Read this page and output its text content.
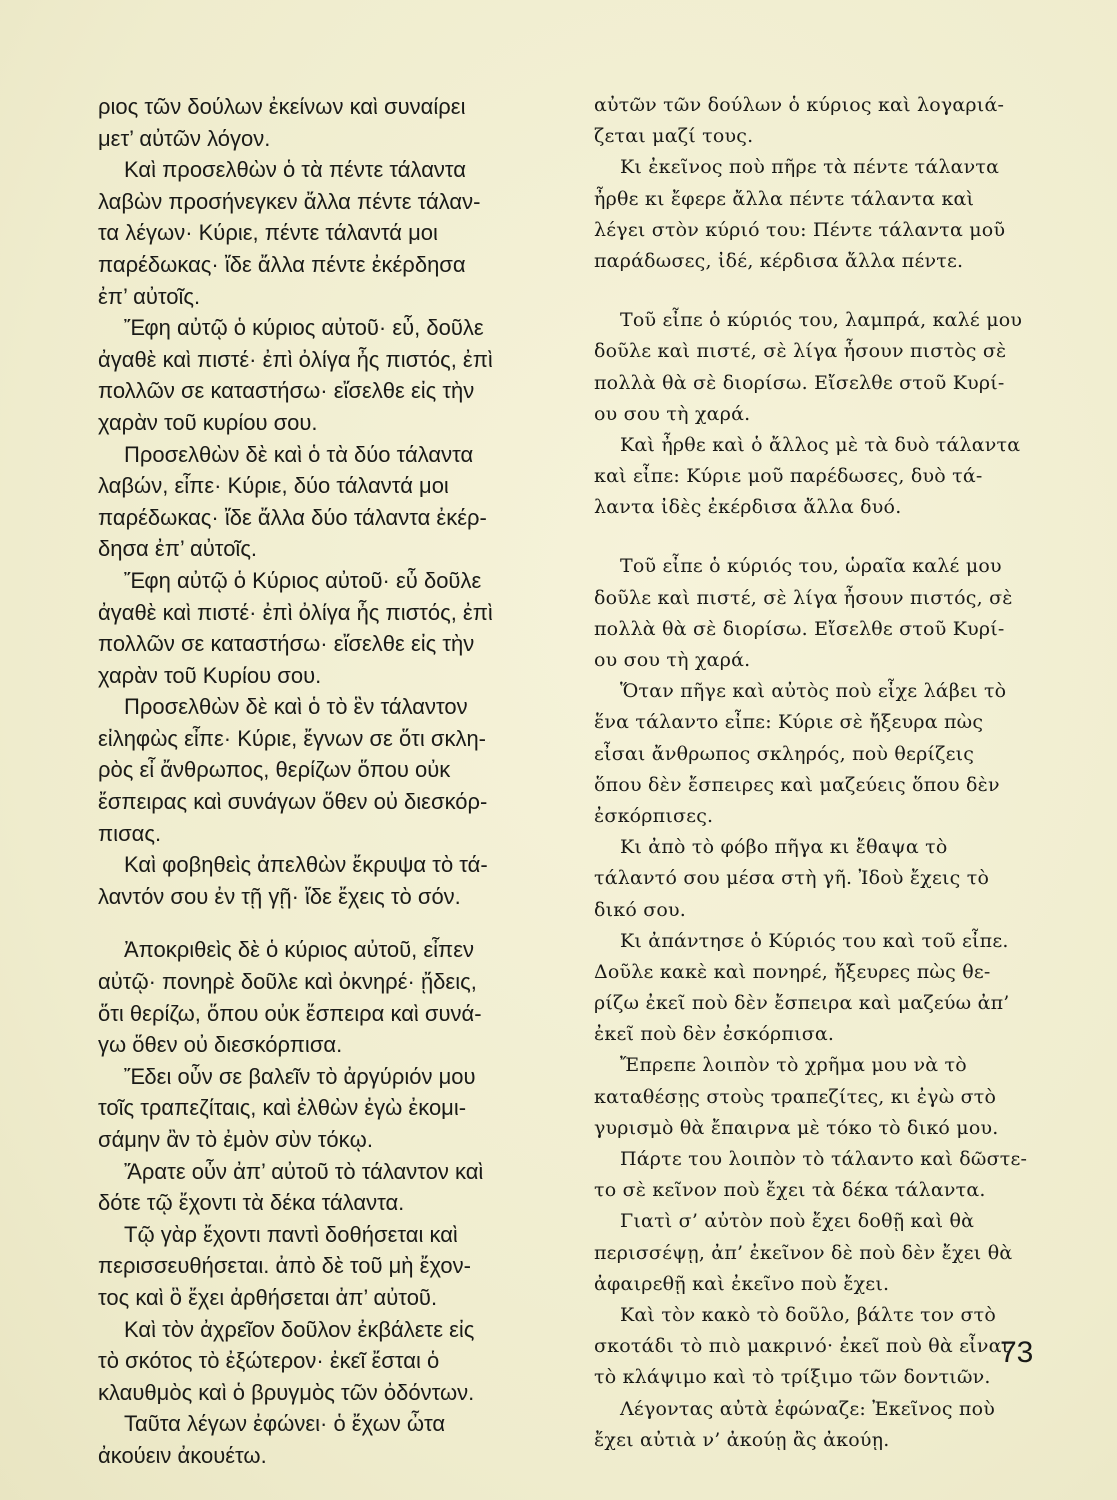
ριος τῶν δούλων ἐκείνων καὶ συναίρει
μετ’ αὐτῶν λόγον.
Καὶ προσελθὼν ὁ τὰ πέντε τάλαντα
λαβὼν προσήνεγκεν ἄλλα πέντε τάλαν-
τα λέγων· Κύριε, πέντε τάλαντά μοι
παρέδωκας· ἴδε ἄλλα πέντε ἐκέρδησα
ἐπ’ αὐτοῖς.
Ἔφη αὐτῷ ὁ κύριος αὐτοῦ· εὖ, δοῦλε
ἀγαθὲ καὶ πιστέ· ἐπὶ ὀλίγα ἦς πιστός, ἐπὶ
πολλῶν σε καταστήσω· εἴσελθε εἰς τὴν
χαρὰν τοῦ κυρίου σου.
Προσελθὼν δὲ καὶ ὁ τὰ δύο τάλαντα
λαβών, εἶπε· Κύριε, δύο τάλαντά μοι
παρέδωκας· ἴδε ἄλλα δύο τάλαντα ἐκέρ-
δησα ἐπ’ αὐτοῖς.
Ἔφη αὐτῷ ὁ Κύριος αὐτοῦ· εὖ δοῦλε
ἀγαθὲ καὶ πιστέ· ἐπὶ ὀλίγα ἦς πιστός, ἐπὶ
πολλῶν σε καταστήσω· εἴσελθε εἰς τὴν
χαρὰν τοῦ Κυρίου σου.
Προσελθὼν δὲ καὶ ὁ τὸ ἓν τάλαντον
εἰληφὼς εἶπε· Κύριε, ἔγνων σε ὅτι σκλη-
ρὸς εἶ ἄνθρωπος, θερίζων ὅπου οὐκ
ἔσπειρας καὶ συνάγων ὅθεν οὐ διεσκόρ-
πισας.
Καὶ φοβηθεὶς ἀπελθὼν ἔκρυψα τὸ τά-
λαντόν σου ἐν τῇ γῇ· ἴδε ἔχεις τὸ σόν.
Ἀποκριθεὶς δὲ ὁ κύριος αὐτοῦ, εἶπεν
αὐτῷ· πονηρὲ δοῦλε καὶ ὀκνηρέ· ᾔδεις,
ὅτι θερίζω, ὅπου οὐκ ἔσπειρα καὶ συνά-
γω ὅθεν οὐ διεσκόρπισα.
Ἔδει οὖν σε βαλεῖν τὸ ἀργύριόν μου
τοῖς τραπεζίταις, καὶ ἐλθὼν ἐγὼ ἐκομι-
σάμην ἂν τὸ ἐμὸν σὺν τόκῳ.
Ἄρατε οὖν ἀπ’ αὐτοῦ τὸ τάλαντον καὶ
δότε τῷ ἔχοντι τὰ δέκα τάλαντα.
Τῷ γὰρ ἔχοντι παντὶ δοθήσεται καὶ
περισσευθήσεται. ἀπὸ δὲ τοῦ μὴ ἔχον-
τος καὶ ὃ ἔχει ἀρθήσεται ἀπ’ αὐτοῦ.
Καὶ τὸν ἀχρεῖον δοῦλον ἐκβάλετε εἰς
τὸ σκότος τὸ ἐξώτερον· ἐκεῖ ἔσται ὁ
κλαυθμὸς καὶ ὁ βρυγμὸς τῶν ὀδόντων.
Ταῦτα λέγων ἐφώνει· ὁ ἔχων ὦτα
ἀκούειν ἀκουέτω.
αὐτῶν τῶν δούλων ὁ κύριος καὶ λογαριά-
ζεται μαζί τους.
Κι ἐκεῖνος ποὺ πῆρε τὰ πέντε τάλαντα
ἦρθε κι ἔφερε ἄλλα πέντε τάλαντα καὶ
λέγει στὸν κύριό του: Πέντε τάλαντα μοῦ
παράδωσες, ἰδέ, κέρδισα ἄλλα πέντε.
Τοῦ εἶπε ὁ κύριός του, λαμπρά, καλέ μου
δοῦλε καὶ πιστέ, σὲ λίγα ἦσουν πιστὸς σὲ
πολλὰ θὰ σὲ διορίσω. Εἴσελθε στοῦ Κυρί-
ου σου τὴ χαρά.
Καὶ ἦρθε καὶ ὁ ἄλλος μὲ τὰ δυὸ τάλαντα
καὶ εἶπε: Κύριε μοῦ παρέδωσες, δυὸ τά-
λαντα ἰδὲς ἐκέρδισα ἄλλα δυό.
Τοῦ εἶπε ὁ κύριός του, ὡραῖα καλέ μου
δοῦλε καὶ πιστέ, σὲ λίγα ἦσουν πιστός, σὲ
πολλὰ θὰ σὲ διορίσω. Εἴσελθε στοῦ Κυρί-
ου σου τὴ χαρά.
Ὅταν πῆγε καὶ αὐτὸς ποὺ εἶχε λάβει τὸ
ἕνα τάλαντο εἶπε: Κύριε σὲ ἤξευρα πὼς
εἶσαι ἄνθρωπος σκληρός, ποὺ θερίζεις
ὅπου δὲν ἔσπειρες καὶ μαζεύεις ὅπου δὲν
ἐσκόρπισες.
Κι ἀπὸ τὸ φόβο πῆγα κι ἔθαψα τὸ
τάλαντό σου μέσα στὴ γῆ. Ἰδοὺ ἔχεις τὸ
δικό σου.
Κι ἀπάντησε ὁ Κύριός του καὶ τοῦ εἶπε.
Δοῦλε κακὲ καὶ πονηρέ, ἤξευρες πὼς θε-
ρίζω ἐκεῖ ποὺ δὲν ἔσπειρα καὶ μαζεύω ἀπ’
ἐκεῖ ποὺ δὲν ἐσκόρπισα.
Ἔπρεπε λοιπὸν τὸ χρῆμα μου νὰ τὸ
καταθέσῃς στοὺς τραπεζίτες, κι ἐγὼ στὸ
γυρισμὸ θὰ ἔπαιρνα μὲ τόκο τὸ δικό μου.
Πάρτε του λοιπὸν τὸ τάλαντο καὶ δῶστε-
το σὲ κεῖνον ποὺ ἔχει τὰ δέκα τάλαντα.
Γιατὶ σ’ αὐτὸν ποὺ ἔχει δοθῇ καὶ θὰ
περισσέψῃ, ἀπ’ ἐκεῖνον δὲ ποὺ δὲν ἔχει θὰ
ἀφαιρεθῇ καὶ ἐκεῖνο ποὺ ἔχει.
Καὶ τὸν κακὸ τὸ δοῦλο, βάλτε τον στὸ
σκοτάδι τὸ πιὸ μακρινό· ἐκεῖ ποὺ θὰ εἶναι
τὸ κλάψιμο καὶ τὸ τρίξιμο τῶν δοντιῶν.
Λέγοντας αὐτὰ ἐφώναζε: Ἐκεῖνος ποὺ
ἔχει αὐτιὰ ν’ ἀκούῃ ἂς ἀκούῃ.
73
